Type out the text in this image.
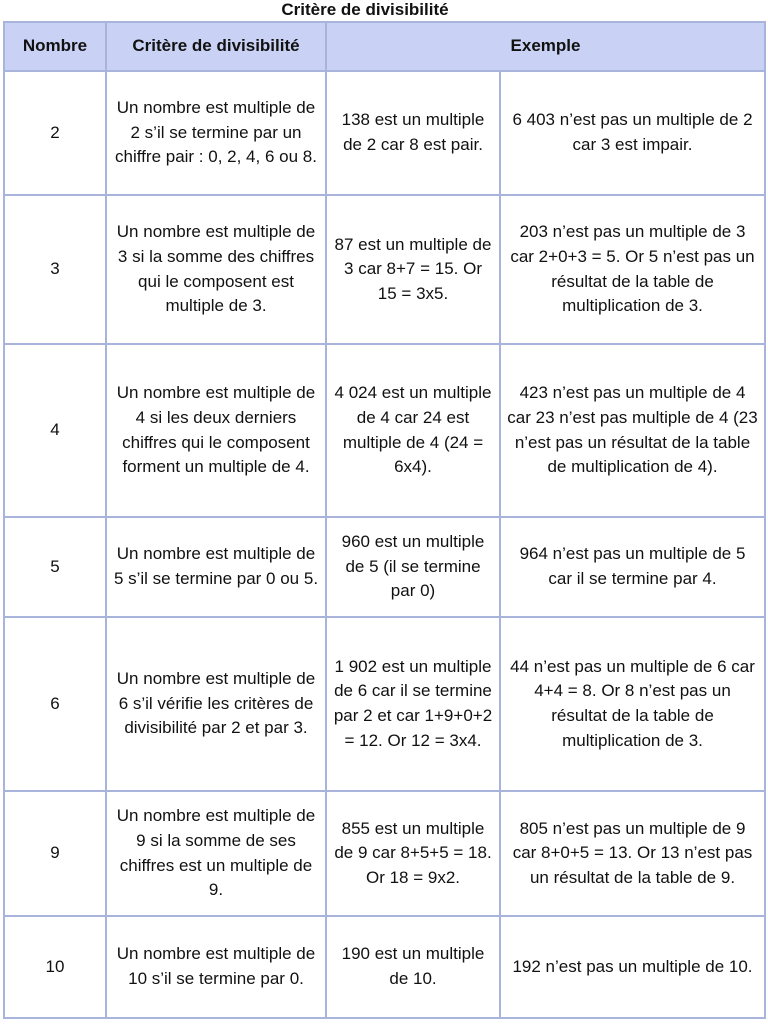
Critère de divisibilité
Nombre	Critère de divisibilité	Exemple	
2	Un nombre est multiple de 2 s’il se termine par un chiffre pair : 0, 2, 4, 6 ou 8.	138 est un multiple de 2 car 8 est pair.	6 403 n’est pas un multiple de 2 car 3 est impair.
3	Un nombre est multiple de 3 si la somme des chiffres qui le composent est multiple de 3.	87 est un multiple de 3 car 8+7 = 15. Or 15 = 3x5.	203 n’est pas un multiple de 3 car 2+0+3 = 5. Or 5 n’est pas un résultat de la table de multiplication de 3.
4	Un nombre est multiple de 4 si les deux derniers chiffres qui le composent forment un multiple de 4.	4 024 est un multiple de 4 car 24 est multiple de 4 (24 = 6x4).	423 n’est pas un multiple de 4 car 23 n’est pas multiple de 4 (23 n’est pas un résultat de la table de multiplication de 4).
5	Un nombre est multiple de 5 s’il se termine par 0 ou 5.	960 est un multiple de 5 (il se termine par 0)	964 n’est pas un multiple de 5 car il se termine par 4.
6	Un nombre est multiple de 6 s’il vérifie les critères de divisibilité par 2 et par 3.	1 902 est un multiple de 6 car il se termine par 2 et car 1+9+0+2 = 12. Or 12 = 3x4.	44 n’est pas un multiple de 6 car 4+4 = 8. Or 8 n’est pas un résultat de la table de multiplication de 3.
9	Un nombre est multiple de 9 si la somme de ses chiffres est un multiple de 9.	855 est un multiple de 9 car 8+5+5 = 18. Or 18 = 9x2.	805 n’est pas un multiple de 9 car 8+0+5 = 13. Or 13 n’est pas un résultat de la table de 9.
10	Un nombre est multiple de 10 s’il se termine par 0.	190 est un multiple de 10.	192 n’est pas un multiple de 10.
